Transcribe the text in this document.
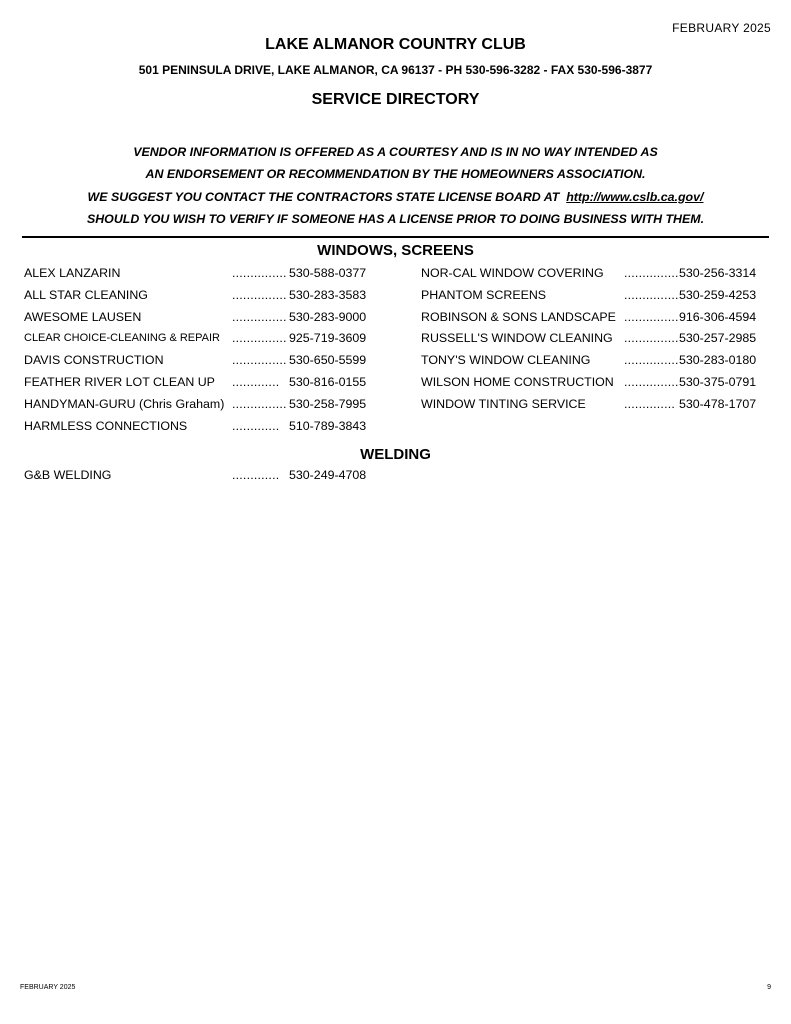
FEBRUARY 2025
LAKE ALMANOR COUNTRY CLUB
501 PENINSULA DRIVE, LAKE ALMANOR, CA 96137 - PH 530-596-3282 - FAX 530-596-3877
SERVICE DIRECTORY
VENDOR INFORMATION IS OFFERED AS A COURTESY AND IS IN NO WAY INTENDED AS
AN ENDORSEMENT OR RECOMMENDATION BY THE HOMEOWNERS ASSOCIATION.
WE SUGGEST YOU CONTACT THE CONTRACTORS STATE LICENSE BOARD AT http://www.cslb.ca.gov/
SHOULD YOU WISH TO VERIFY IF SOMEONE HAS A LICENSE PRIOR TO DOING BUSINESS WITH THEM.
WINDOWS, SCREENS
ALEX LANZARIN	............... 530-588-0377
ALL STAR CLEANING	............... 530-283-3583
AWESOME LAUSEN	............... 530-283-9000
CLEAR CHOICE-CLEANING & REPAIR ............... 925-719-3609
DAVIS CONSTRUCTION	............... 530-650-5599
FEATHER RIVER LOT CLEAN UP ............. 530-816-0155
HANDYMAN-GURU (Chris Graham) ............... 530-258-7995
HARMLESS CONNECTIONS	............. 510-789-3843
NOR-CAL WINDOW COVERING ............... 530-256-3314
PHANTOM SCREENS	............... 530-259-4253
ROBINSON & SONS LANDSCAPE ............... 916-306-4594
RUSSELL'S WINDOW CLEANING ............... 530-257-2985
TONY'S WINDOW CLEANING	............... 530-283-0180
WILSON HOME CONSTRUCTION ............... 530-375-0791
WINDOW TINTING SERVICE	.............. 530-478-1707
WELDING
G&B WELDING	............. 530-249-4708
FEBRUARY 2025	9
